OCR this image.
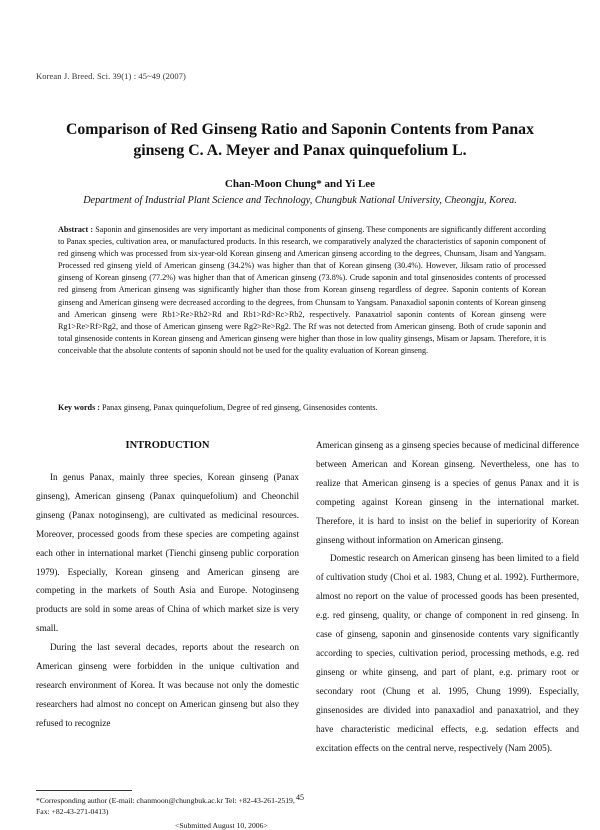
Korean J. Breed. Sci. 39(1) : 45~49 (2007)
Comparison of Red Ginseng Ratio and Saponin Contents from Panax
ginseng C. A. Meyer and Panax quinquefolium L.
Chan-Moon Chung* and Yi Lee
Department of Industrial Plant Science and Technology, Chungbuk National University, Cheongju, Korea.
Abstract : Saponin and ginsenosides are very important as medicinal components of ginseng. These components are significantly different according to Panax species, cultivation area, or manufactured products. In this research, we comparatively analyzed the characteristics of saponin component of red ginseng which was processed from six-year-old Korean ginseng and American ginseng according to the degrees, Chunsam, Jisam and Yangsam. Processed red ginseng yield of American ginseng (34.2%) was higher than that of Korean ginseng (30.4%). However, Jiksam ratio of processed ginseng of Korean ginseng (77.2%) was higher than that of American ginseng (73.8%). Crude saponin and total ginsenosides contents of processed red ginseng from American ginseng was significantly higher than those from Korean ginseng regardless of degree. Saponin contents of Korean ginseng and American ginseng were decreased according to the degrees, from Chunsam to Yangsam. Panaxadiol saponin contents of Korean ginseng and American ginseng were Rb1>Re>Rb2>Rd and Rb1>Rd>Rc>Rb2, respectively. Panaxatriol saponin contents of Korean ginseng were Rg1>Re>Rf>Rg2, and those of American ginseng were Rg2>Re>Rg2. The Rf was not detected from American ginseng. Both of crude saponin and total ginsenoside contents in Korean ginseng and American ginseng were higher than those in low quality ginsengs, Misam or Japsam. Therefore, it is conceivable that the absolute contents of saponin should not be used for the quality evaluation of Korean ginseng.
Key words : Panax ginseng, Panax quinquefolium, Degree of red ginseng, Ginsenosides contents.
INTRODUCTION

In genus Panax, mainly three species, Korean ginseng (Panax ginseng), American ginseng (Panax quinquefolium) and Cheonchil ginseng (Panax notoginseng), are cultivated as medicinal resources. Moreover, processed goods from these species are competing against each other in international market (Tienchi ginseng public corporation 1979). Especially, Korean ginseng and American ginseng are competing in the markets of South Asia and Europe. Notoginseng products are sold in some areas of China of which market size is very small.

During the last several decades, reports about the research on American ginseng were forbidden in the unique cultivation and research environment of Korea. It was because not only the domestic researchers had almost no concept on American ginseng but also they refused to recognize

American ginseng as a ginseng species because of medicinal difference between American and Korean ginseng. Nevertheless, one has to realize that American ginseng is a species of genus Panax and it is competing against Korean ginseng in the international market. Therefore, it is hard to insist on the belief in superiority of Korean ginseng without information on American ginseng.

Domestic research on American ginseng has been limited to a field of cultivation study (Choi et al. 1983, Chung et al. 1992). Furthermore, almost no report on the value of processed goods has been presented, e.g. red ginseng, quality, or change of component in red ginseng. In case of ginseng, saponin and ginsenoside contents vary significantly according to species, cultivation period, processing methods, e.g. red ginseng or white ginseng, and part of plant, e.g. primary root or secondary root (Chung et al. 1995, Chung 1999). Especially, ginsenosides are divided into panaxadiol and panaxatriol, and they have characteristic medicinal effects, e.g. sedation effects and excitation effects on the central nerve, respectively (Nam 2005).

*Corresponding author (E-mail: chanmoon@chungbuk.ac.kr Tel: +82-43-261-2519, Fax: +82-43-271-0413)
<Submitted August 10, 2006>
45
